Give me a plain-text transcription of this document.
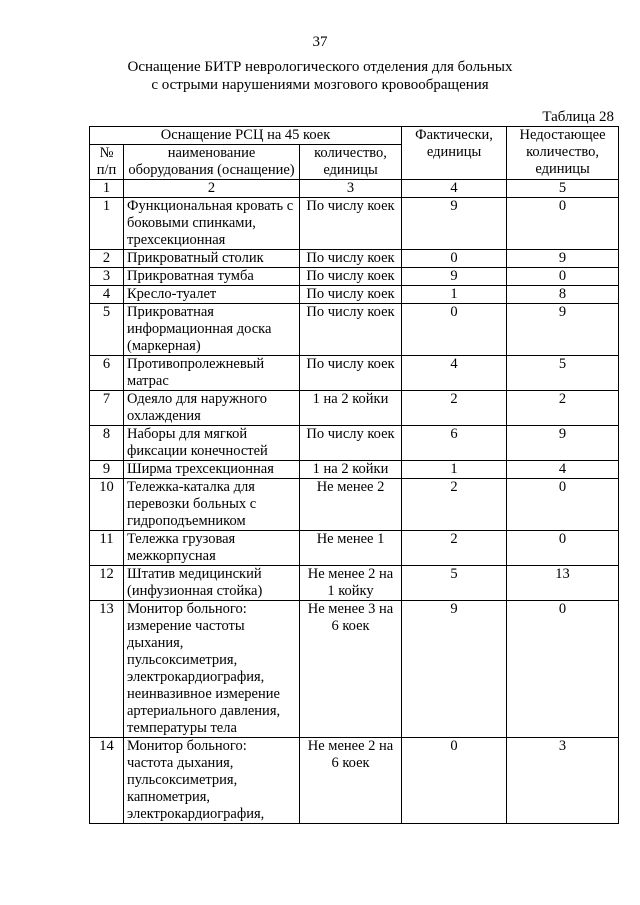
37
Оснащение БИТР неврологического отделения для больных
с острыми нарушениями мозгового кровообращения
Таблица 28
Оснащение РСЦ на 45 коек			Фактически, единицы	Недостающее количество, единицы
№ п/п	наименование оборудования (оснащение)	количество, единицы		
1	2	3	4	5
1	Функциональная кровать с боковыми спинками, трехсекционная	По числу коек	9	0
2	Прикроватный столик	По числу коек	0	9
3	Прикроватная тумба	По числу коек	9	0
4	Кресло-туалет	По числу коек	1	8
5	Прикроватная информационная доска (маркерная)	По числу коек	0	9
6	Противопролежневый матрас	По числу коек	4	5
7	Одеяло для наружного охлаждения	1 на 2 койки	2	2
8	Наборы для мягкой фиксации конечностей	По числу коек	6	9
9	Ширма трехсекционная	1 на 2 койки	1	4
10	Тележка-каталка для перевозки больных с гидроподъемником	Не менее 2	2	0
11	Тележка грузовая межкорпусная	Не менее 1	2	0
12	Штатив медицинский (инфузионная стойка)	Не менее 2 на 1 койку	5	13
13	Монитор больного: измерение частоты дыхания, пульсоксиметрия, электрокардиография, неинвазивное измерение артериального давления, температуры тела	Не менее 3 на 6 коек	9	0
14	Монитор больного: частота дыхания, пульсоксиметрия, капнометрия, электрокардиография,	Не менее 2 на 6 коек	0	3
